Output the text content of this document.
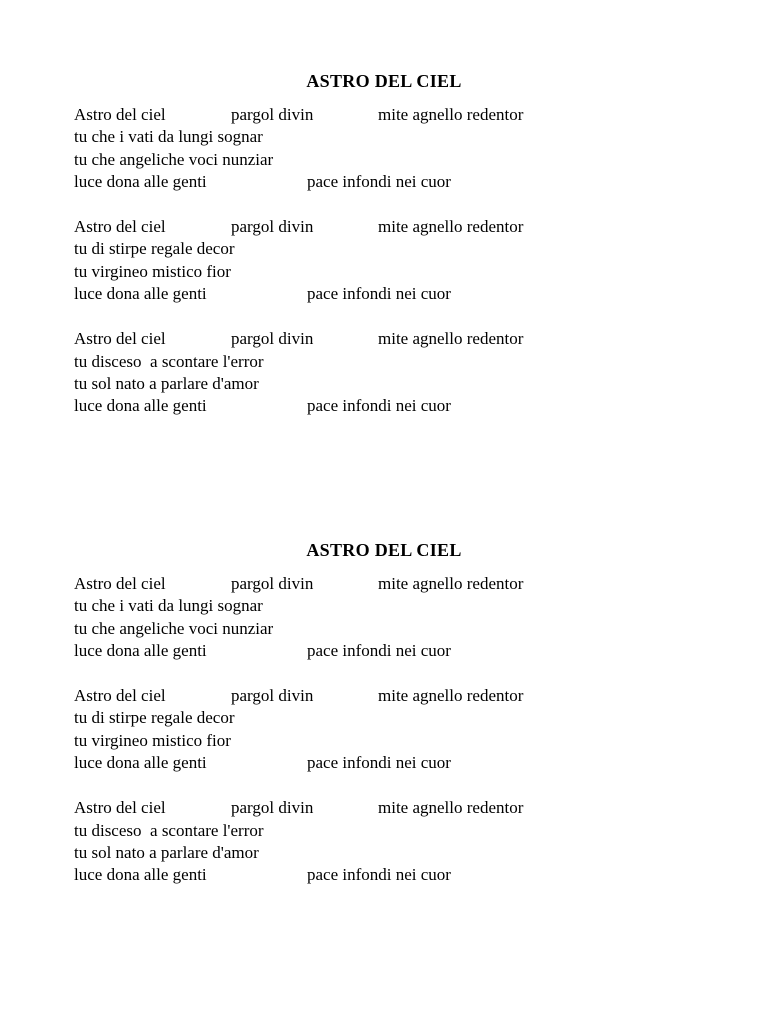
ASTRO DEL CIEL

Astro del ciel

	pargol divin

	mite agnello redentor

tu che i vati da lungi sognar
tu che angeliche voci nunziar

luce dona alle genti

	pace infondi nei cuor

Astro del ciel

	pargol divin

	mite agnello redentor

tu di stirpe regale decor
tu virgineo mistico fior

luce dona alle genti

	pace infondi nei cuor

Astro del ciel

	pargol divin

	mite agnello redentor

tu disceso  a scontare l'error
tu sol nato a parlare d'amor

luce dona alle genti

	pace infondi nei cuor

ASTRO DEL CIEL

Astro del ciel

	pargol divin

	mite agnello redentor

tu che i vati da lungi sognar
tu che angeliche voci nunziar

luce dona alle genti

	pace infondi nei cuor

Astro del ciel

	pargol divin

	mite agnello redentor

tu di stirpe regale decor
tu virgineo mistico fior

luce dona alle genti

	pace infondi nei cuor

Astro del ciel

	pargol divin

	mite agnello redentor

tu disceso  a scontare l'error
tu sol nato a parlare d'amor

luce dona alle genti

	pace infondi nei cuor
